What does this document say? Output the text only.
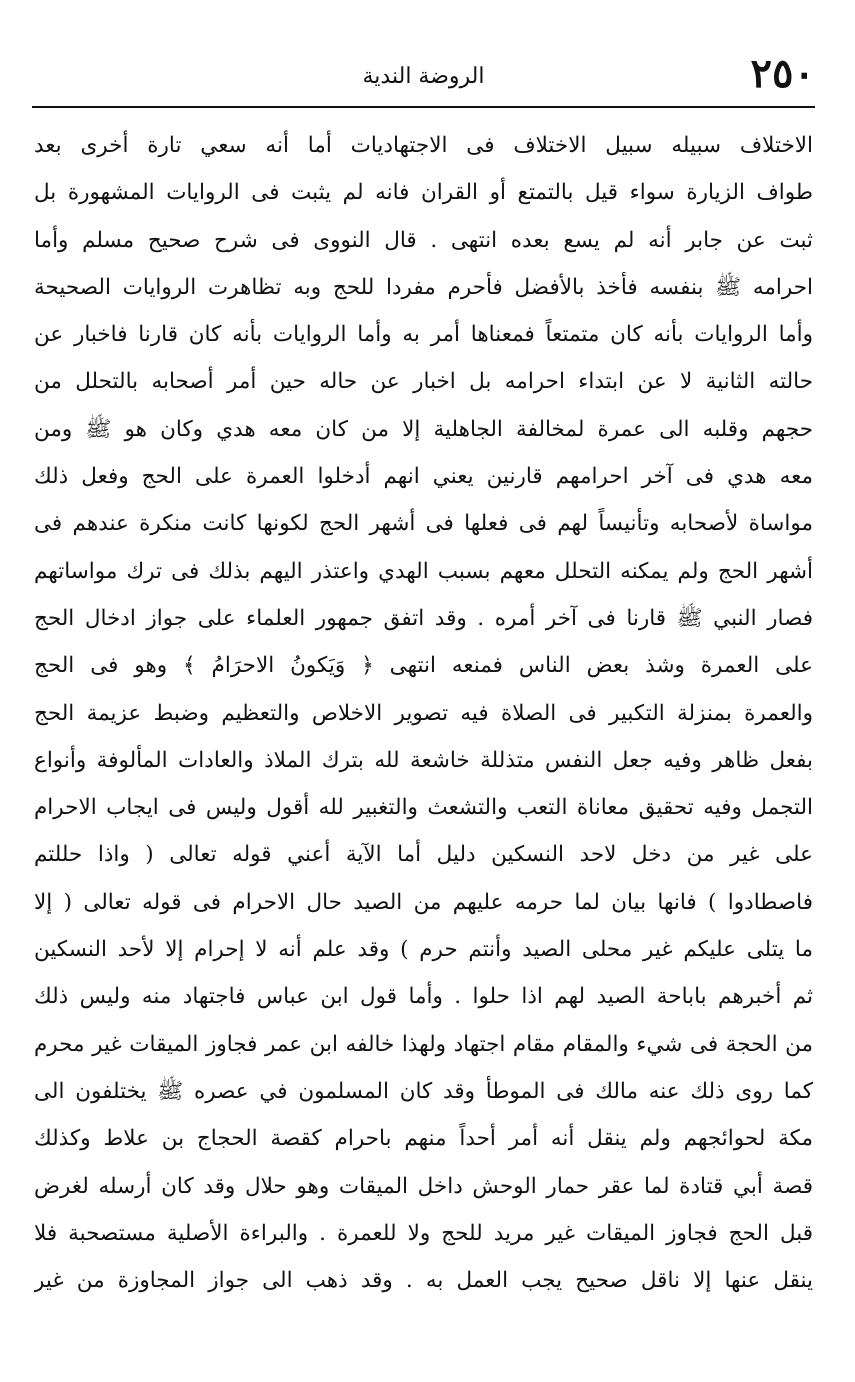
٢٥٠
الروضة الندية
الاختلاف سبيله سبيل الاختلاف فى الاجتهاديات أما أنه سعي تارة أخرى بعد
طواف الزيارة سواء قيل بالتمتع أو القران فانه لم يثبت فى الروايات المشهورة بل
ثبت عن جابر أنه لم يسع بعده انتهى . قال النووى فى شرح صحيح مسلم وأما
احرامه ﷺ بنفسه فأخذ بالأفضل فأحرم مفردا للحج وبه تظاهرت الروايات الصحيحة
وأما الروايات بأنه كان متمتعاً فمعناها أمر به وأما الروايات بأنه كان قارنا فاخبار عن
حالته الثانية لا عن ابتداء احرامه بل اخبار عن حاله حين أمر أصحابه بالتحلل من
حجهم وقلبه الى عمرة لمخالفة الجاهلية إلا من كان معه هدي وكان هو ﷺ ومن
معه هدي فى آخر احرامهم قارنين يعني انهم أدخلوا العمرة على الحج وفعل ذلك
مواساة لأصحابه وتأنيساً لهم فى فعلها فى أشهر الحج لكونها كانت منكرة عندهم فى
أشهر الحج ولم يمكنه التحلل معهم بسبب الهدي واعتذر اليهم بذلك فى ترك مواساتهم
فصار النبي ﷺ قارنا فى آخر أمره . وقد اتفق جمهور العلماء على جواز ادخال الحج
على العمرة وشذ بعض الناس فمنعه انتهى ﴿ وَيَكونُ الاحرَامُ ﴾ وهو فى الحج
والعمرة بمنزلة التكبير فى الصلاة فيه تصوير الاخلاص والتعظيم وضبط عزيمة الحج
بفعل ظاهر وفيه جعل النفس متذللة خاشعة لله بترك الملاذ والعادات المألوفة وأنواع
التجمل وفيه تحقيق معاناة التعب والتشعث والتغبير لله أقول وليس فى ايجاب الاحرام
على غير من دخل لاحد النسكين دليل أما الآية أعني قوله تعالى ( واذا حللتم
فاصطادوا ) فانها بيان لما حرمه عليهم من الصيد حال الاحرام فى قوله تعالى ( إلا
ما يتلى عليكم غير محلى الصيد وأنتم حرم ) وقد علم أنه لا إحرام إلا لأحد النسكين
ثم أخبرهم باباحة الصيد لهم اذا حلوا . وأما قول ابن عباس فاجتهاد منه وليس ذلك
من الحجة فى شيء والمقام مقام اجتهاد ولهذا خالفه ابن عمر فجاوز الميقات غير محرم
كما روى ذلك عنه مالك فى الموطأ وقد كان المسلمون في عصره ﷺ يختلفون الى
مكة لحوائجهم ولم ينقل أنه أمر أحداً منهم باحرام كقصة الحجاج بن علاط وكذلك
قصة أبي قتادة لما عقر حمار الوحش داخل الميقات وهو حلال وقد كان أرسله لغرض
قبل الحج فجاوز الميقات غير مريد للحج ولا للعمرة . والبراءة الأصلية مستصحبة فلا
ينقل عنها إلا ناقل صحيح يجب العمل به . وقد ذهب الى جواز المجاوزة من غير
